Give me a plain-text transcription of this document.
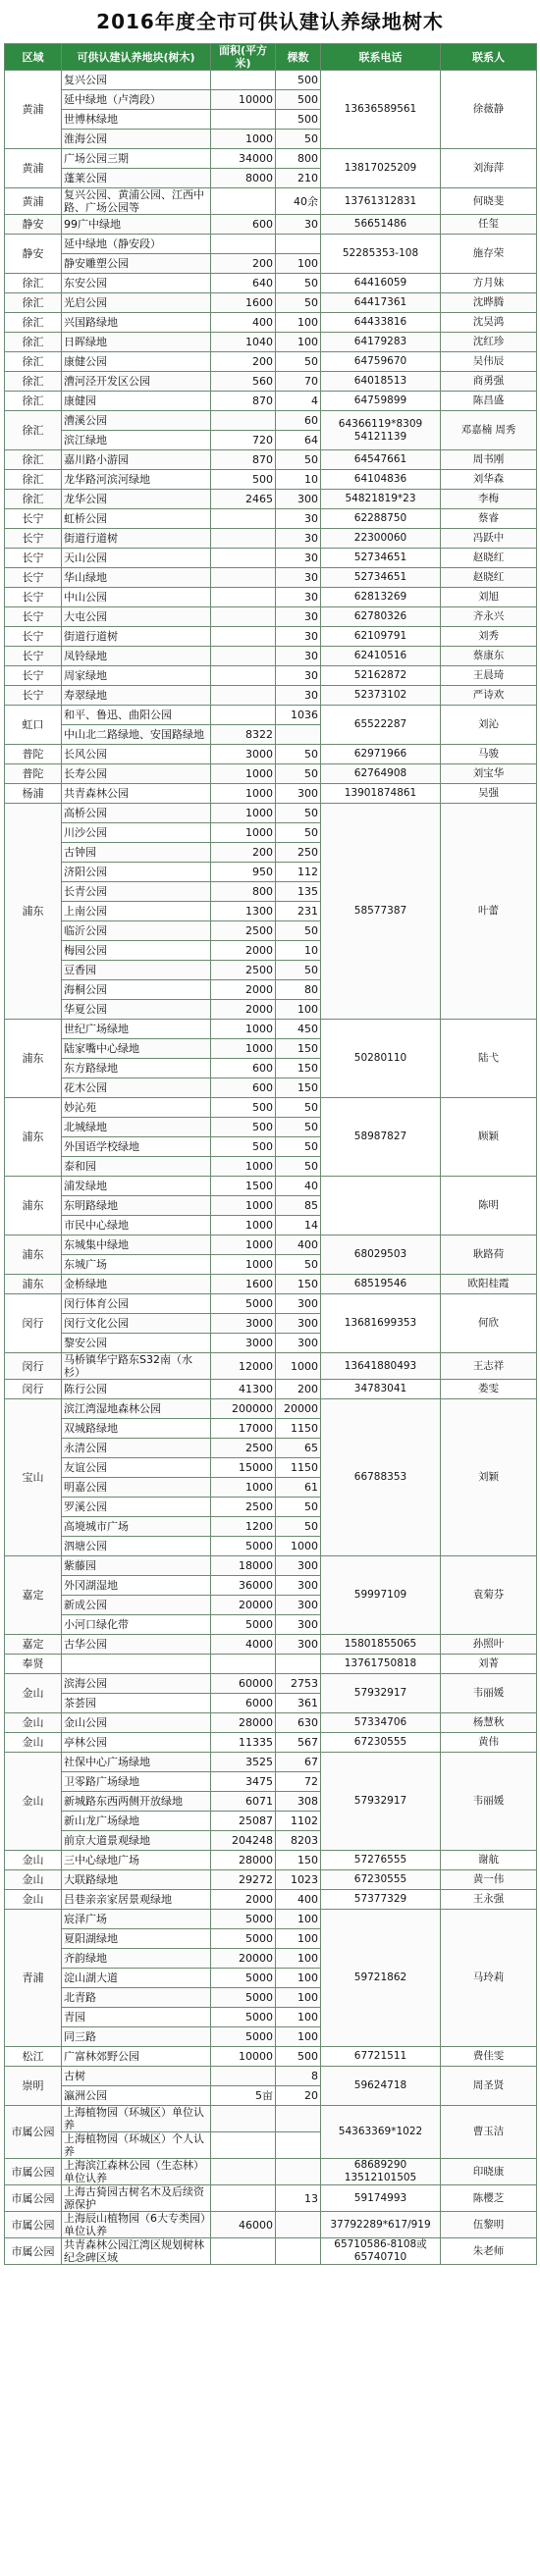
2016年度全市可供认建认养绿地树木
区域	可供认建认养地块(树木)	面积(平方米)	棵数	联系电话	联系人
黄浦	复兴公园		500	13636589561	徐薇静
	延中绿地（卢湾段）	10000	500		
	世博林绿地		500		
	淮海公园	1000	50		
黄浦	广场公园三期	34000	800	13817025209	刘海萍
	蓬莱公园	8000	210		
黄浦	复兴公园、黄浦公园、江西中路、广场公园等		40余	13761312831	何晓斐
静安	99广中绿地	600	30	56651486	任玺
静安	延中绿地（静安段）			52285353-108	施存荣
	静安雕塑公园	200	100		
徐汇	东安公园	640	50	64416059	方月妹
徐汇	光启公园	1600	50	64417361	沈晔腾
徐汇	兴国路绿地	400	100	64433816	沈昊鸿
徐汇	日晖绿地	1040	100	64179283	沈红珍
徐汇	康健公园	200	50	64759670	吴伟辰
徐汇	漕河泾开发区公园	560	70	64018513	商勇强
徐汇	康健园	870	4	64759899	陈昌盛
徐汇	漕溪公园		60	64366119*8309 54121139	邓嘉楠 周秀
	滨江绿地	720	64		
徐汇	嘉川路小游园	870	50	64547661	周书刚
徐汇	龙华路河滨河绿地	500	10	64104836	刘华森
徐汇	龙华公园	2465	300	54821819*23	李梅
长宁	虹桥公园		30	62288750	蔡睿
长宁	街道行道树		30	22300060	冯跃中
长宁	天山公园		30	52734651	赵晓红
长宁	华山绿地		30	52734651	赵晓红
长宁	中山公园		30	62813269	刘旭
长宁	大屯公园		30	62780326	齐永兴
长宁	街道行道树		30	62109791	刘秀
长宁	凤铃绿地		30	62410516	蔡康东
长宁	周家绿地		30	52162872	王晨琦
长宁	寿翠绿地		30	52373102	严诗欢
虹口	和平、鲁迅、曲阳公园		1036	65522287	刘沁
	中山北二路绿地、安国路绿地	8322			
普陀	长风公园	3000	50	62971966	马骏
普陀	长寿公园	1000	50	62764908	刘宝华
杨浦	共青森林公园	1000	300	13901874861	吴强
浦东	高桥公园	1000	50	58577387	叶蕾
	川沙公园	1000	50		
	古钟园	200	250		
	济阳公园	950	112		
	长青公园	800	135		
	上南公园	1300	231		
	临沂公园	2500	50		
	梅园公园	2000	10		
	豆香园	2500	50		
	海桐公园	2000	80		
	华夏公园	2000	100		
浦东	世纪广场绿地	1000	450	50280110	陆弋
	陆家嘴中心绿地	1000	150		
	东方路绿地	600	150		
	花木公园	600	150		
浦东	妙沁苑	500	50	58987827	顾颖
	北城绿地	500	50		
	外国语学校绿地	500	50		
	泰和园	1000	50		
浦东	浦发绿地	1500	40		陈明
	东明路绿地	1000	85		
	市民中心绿地	1000	14		
浦东	东城集中绿地	1000	400	68029503	耿路荷
	东城广场	1000	50		
浦东	金桥绿地	1600	150	68519546	欧阳桂霞
闵行	闵行体育公园	5000	300	13681699353	何欣
	闵行文化公园	3000	300		
	黎安公园	3000	300		
闵行	马桥镇华宁路东S32南（水杉）	12000	1000	13641880493	王志祥
闵行	陈行公园	41300	200	34783041	娄雯
宝山	滨江湾湿地森林公园	200000	20000	66788353	刘颖
	双城路绿地	17000	1150		
	永清公园	2500	65		
	友谊公园	15000	1150		
	明嘉公园	1000	61		
	罗溪公园	2500	50		
	高境城市广场	1200	50		
	泗塘公园	5000	1000		
嘉定	紫藤园	18000	300	59997109	袁菊芬
	外冈湖湿地	36000	300		
	新成公园	20000	300		
	小河口绿化带	5000	300		
嘉定	古华公园	4000	300	15801855065	孙照叶
奉贤				13761750818	刘菁
金山	滨海公园	60000	2753	57932917	韦丽媛
	茶荟园	6000	361		
金山	金山公园	28000	630	57334706	杨慧秋
金山	亭林公园	11335	567	67230555	黄伟
金山	社保中心广场绿地	3525	67	57932917	韦丽媛
	卫零路广场绿地	3475	72		
	新城路东西两侧开放绿地	6071	308		
	新山龙广场绿地	25087	1102		
	前京大道景观绿地	204248	8203		
金山	三中心绿地广场	28000	150	57276555	谢航
金山	大联路绿地	29272	1023	67230555	黄一伟
金山	吕巷亲亲家居景观绿地	2000	400	57377329	王永强
青浦	宸泽广场	5000	100	59721862	马玲莉
	夏阳湖绿地	5000	100		
	齐韵绿地	20000	100		
	淀山湖大道	5000	100		
	北青路	5000	100		
	青园	5000	100		
	同三路	5000	100		
松江	广富林郊野公园	10000	500	67721511	费佳雯
崇明	古树		8	59624718	周圣贤
	瀛洲公园	5亩	20		
市属公园	上海植物园（环城区）单位认养			54363369*1022	曹玉洁
	上海植物园（环城区）个人认养				
市属公园	上海滨江森林公园（生态林）单位认养			68689290 13512101505	印晓康
市属公园	上海古猗园古树名木及后续资源保护		13	59174993	陈樱芝
市属公园	上海辰山植物园（6大专类园）单位认养	46000		37792289*617/919	伍黎明
市属公园	共青森林公园江湾区规划树林纪念碑区域			65710586-8108或65740710	朱老师
